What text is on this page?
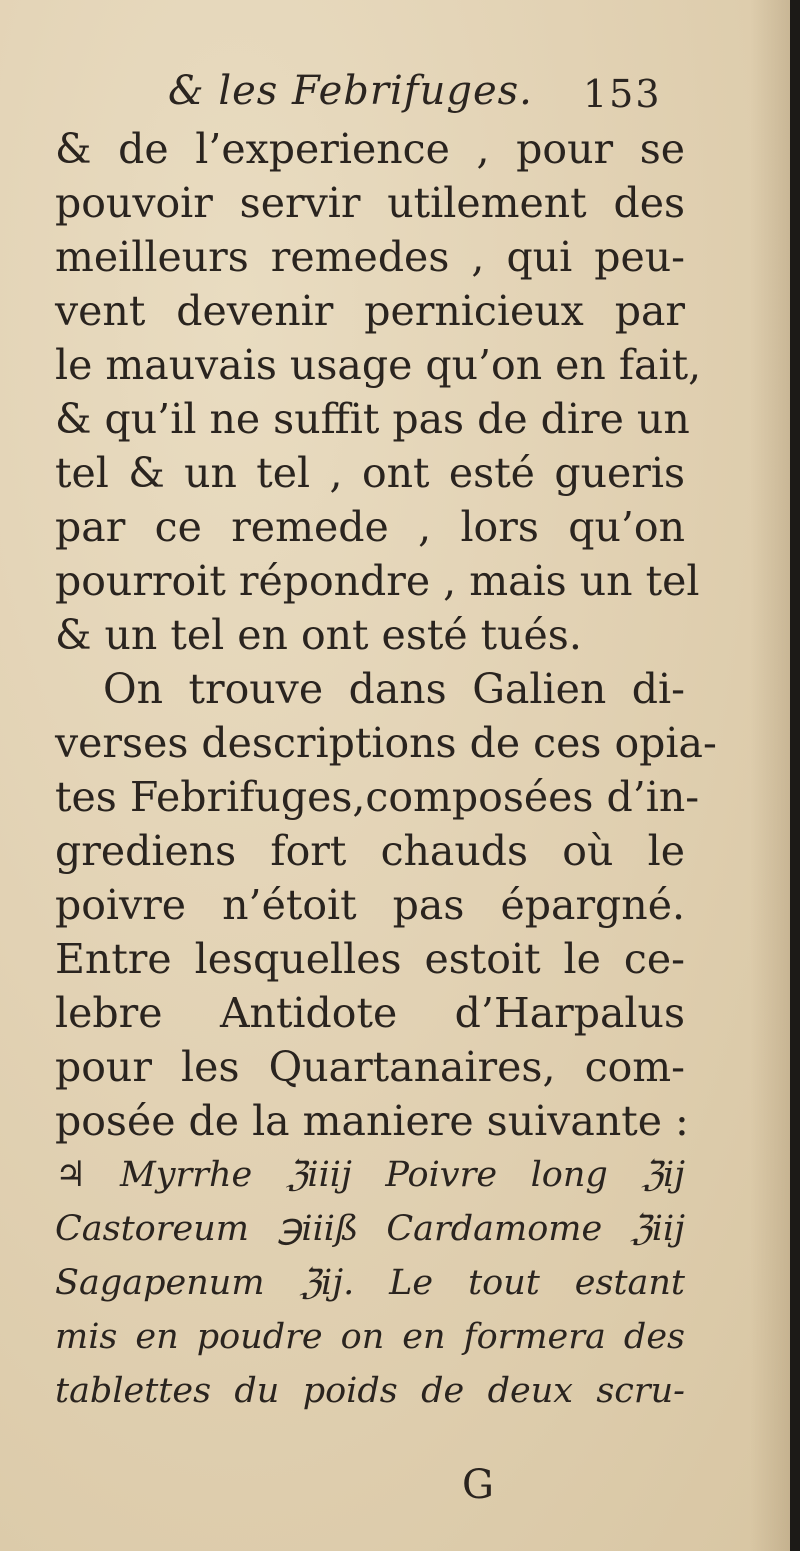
& les Febrifuges. 153
& de l’experience , pour se
pouvoir servir utilement des
meilleurs remedes , qui peu-
vent devenir pernicieux par
le mauvais usage qu’on en fait,
& qu’il ne suffit pas de dire un
tel & un tel , ont esté gueris
par ce remede , lors qu’on
pourroit répondre , mais un tel
& un tel en ont esté tués.
On trouve dans Galien di-
verses descriptions de ces opia-
tes Febrifuges,composées d’in-
grediens fort chauds où le
poivre n’étoit pas épargné.
Entre lesquelles estoit le ce-
lebre Antidote d’Harpalus
pour les Quartanaires, com-
posée de la maniere suivante :
♃ Myrrhe ℨiiij Poivre long ℨij
Castoreum ℈iiiß Cardamome ℨiij
Sagapenum ℨij. Le tout estant
mis en poudre on en formera des
tablettes du poids de deux scru-
G
